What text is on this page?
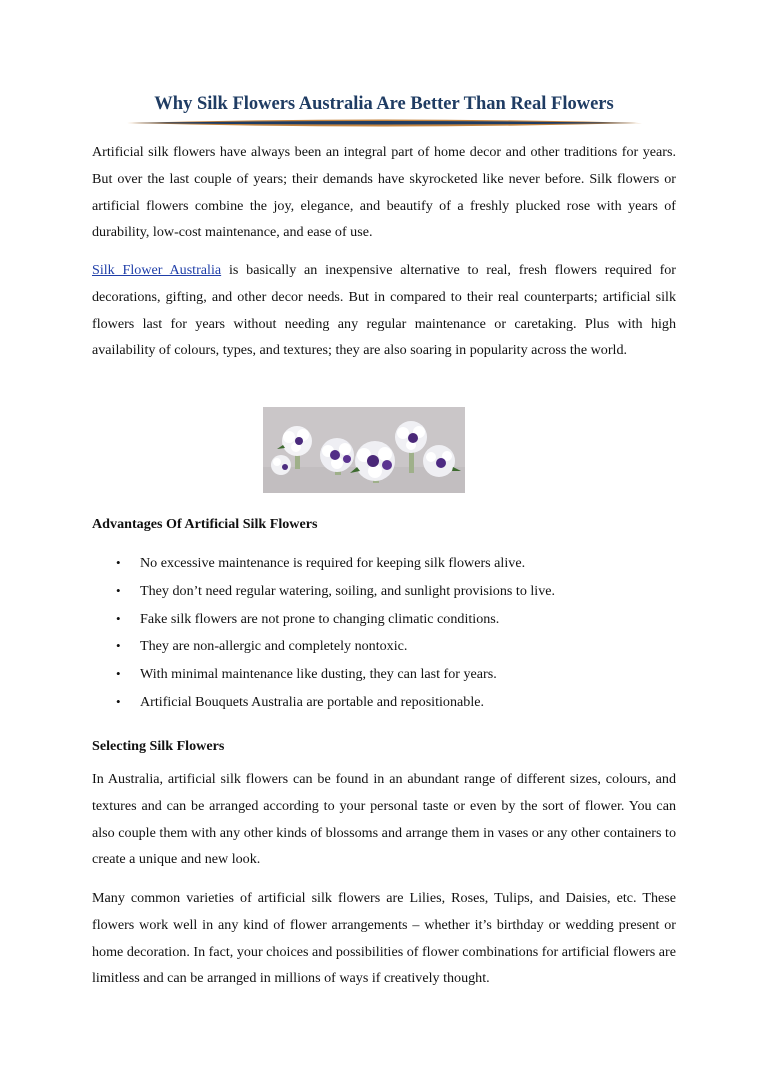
Why Silk Flowers Australia Are Better Than Real Flowers

Artificial silk flowers have always been an integral part of home decor and other traditions for years. But over the last couple of years; their demands have skyrocketed like never before. Silk flowers or artificial flowers combine the joy, elegance, and beautify of a freshly plucked rose with years of durability, low-cost maintenance, and ease of use.

Silk Flower Australia is basically an inexpensive alternative to real, fresh flowers required for decorations, gifting, and other decor needs. But in compared to their real counterparts; artificial silk flowers last for years without needing any regular maintenance or caretaking. Plus with high availability of colours, types, and textures; they are also soaring in popularity across the world.

Advantages Of Artificial Silk Flowers
•	No excessive maintenance is required for keeping silk flowers alive.
•	They don’t need regular watering, soiling, and sunlight provisions to live.
•	Fake silk flowers are not prone to changing climatic conditions.
•	They are non-allergic and completely nontoxic.
•	With minimal maintenance like dusting, they can last for years.
•	Artificial Bouquets Australia are portable and repositionable.
Selecting Silk Flowers

In Australia, artificial silk flowers can be found in an abundant range of different sizes, colours, and textures and can be arranged according to your personal taste or even by the sort of flower. You can also couple them with any other kinds of blossoms and arrange them in vases or any other containers to create a unique and new look.

Many common varieties of artificial silk flowers are Lilies, Roses, Tulips, and Daisies, etc. These flowers work well in any kind of flower arrangements – whether it’s birthday or wedding present or home decoration. In fact, your choices and possibilities of flower combinations for artificial flowers are limitless and can be arranged in millions of ways if creatively thought.
